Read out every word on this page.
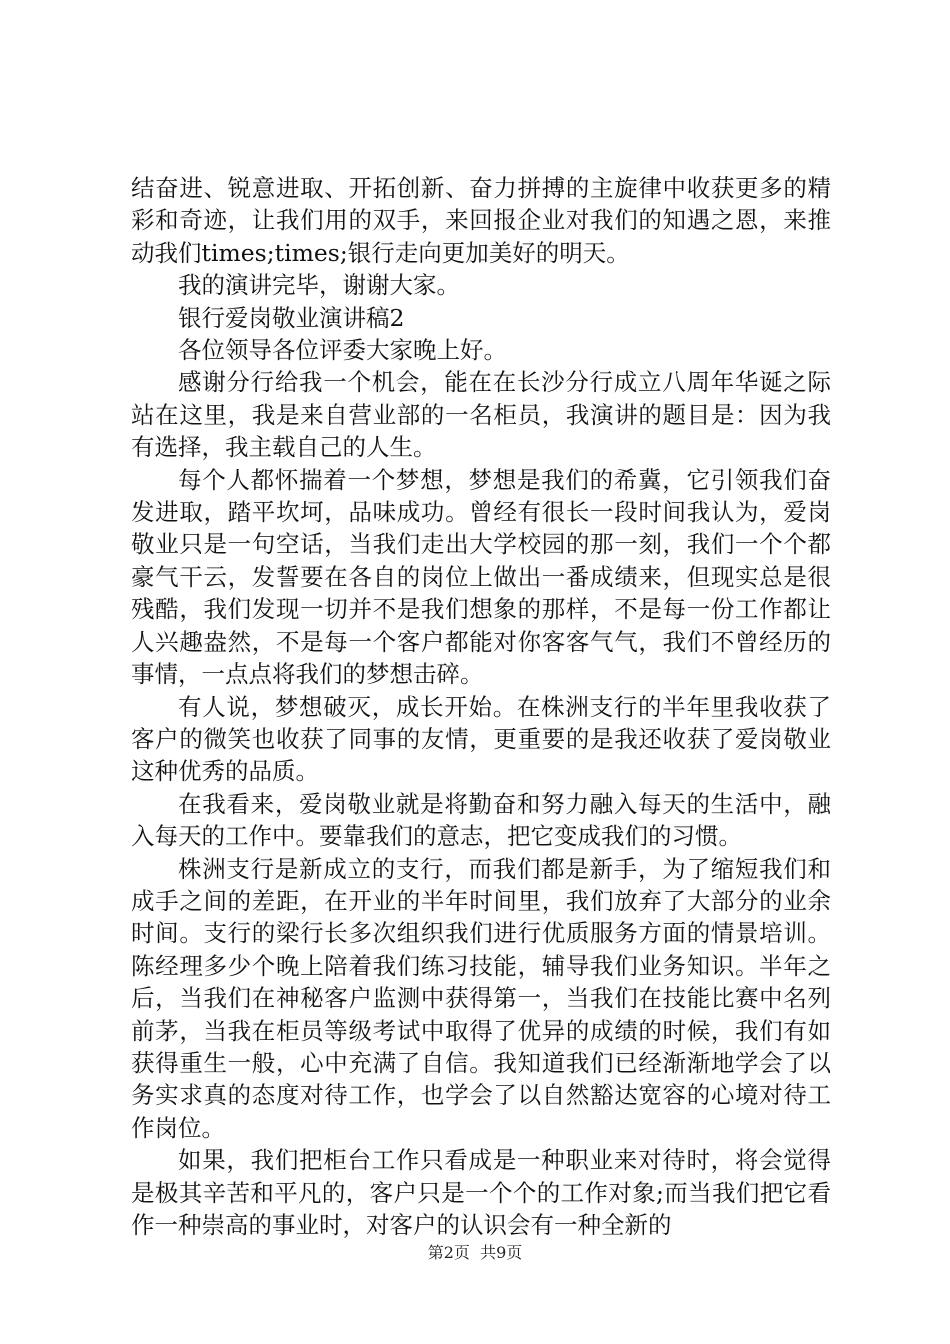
结奋进、锐意进取、开拓创新、奋力拼搏的主旋律中收获更多的精彩和奇迹，让我们用的双手，来回报企业对我们的知遇之恩，来推动我们times;times;银行走向更加美好的明天。

我的演讲完毕，谢谢大家。

银行爱岗敬业演讲稿2

各位领导各位评委大家晚上好。

感谢分行给我一个机会，能在在长沙分行成立八周年华诞之际站在这里，我是来自营业部的一名柜员，我演讲的题目是：因为我有选择，我主载自己的人生。

每个人都怀揣着一个梦想，梦想是我们的希冀，它引领我们奋发进取，踏平坎坷，品味成功。曾经有很长一段时间我认为，爱岗敬业只是一句空话，当我们走出大学校园的那一刻，我们一个个都豪气干云，发誓要在各自的岗位上做出一番成绩来，但现实总是很残酷，我们发现一切并不是我们想象的那样，不是每一份工作都让人兴趣盎然，不是每一个客户都能对你客客气气，我们不曾经历的事情，一点点将我们的梦想击碎。

有人说，梦想破灭，成长开始。在株洲支行的半年里我收获了客户的微笑也收获了同事的友情，更重要的是我还收获了爱岗敬业这种优秀的品质。

在我看来，爱岗敬业就是将勤奋和努力融入每天的生活中，融入每天的工作中。要靠我们的意志，把它变成我们的习惯。

株洲支行是新成立的支行，而我们都是新手，为了缩短我们和成手之间的差距，在开业的半年时间里，我们放弃了大部分的业余时间。支行的梁行长多次组织我们进行优质服务方面的情景培训。陈经理多少个晚上陪着我们练习技能，辅导我们业务知识。半年之后，当我们在神秘客户监测中获得第一，当我们在技能比赛中名列前茅，当我在柜员等级考试中取得了优异的成绩的时候，我们有如获得重生一般，心中充满了自信。我知道我们已经渐渐地学会了以务实求真的态度对待工作，也学会了以自然豁达宽容的心境对待工作岗位。

如果，我们把柜台工作只看成是一种职业来对待时，将会觉得是极其辛苦和平凡的，客户只是一个个的工作对象;而当我们把它看作一种崇高的事业时，对客户的认识会有一种全新的

第2页  共9页
